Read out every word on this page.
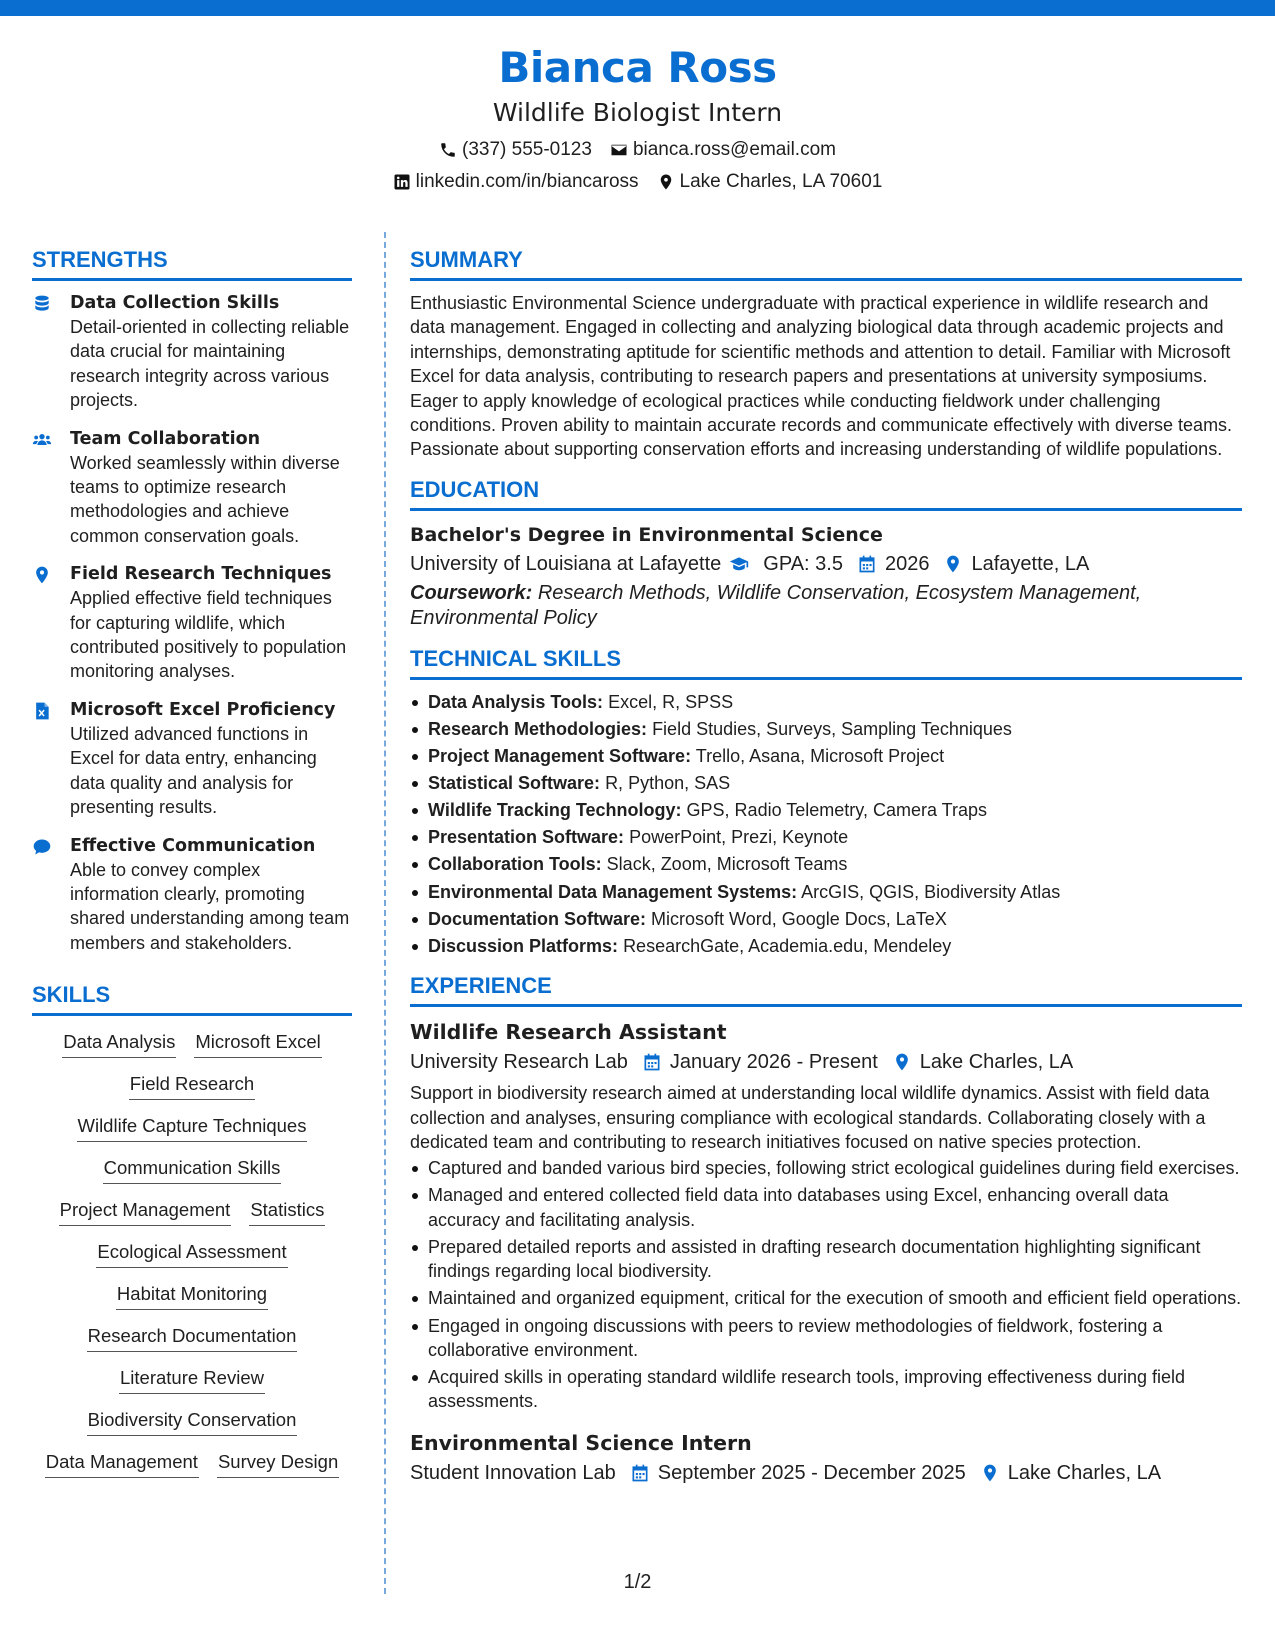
Bianca Ross
Wildlife Biologist Intern
(337) 555-0123 bianca.ross@email.com
linkedin.com/in/biancaross Lake Charles, LA 70601
STRENGTHS
Data Collection Skills
Detail-oriented in collecting reliable data crucial for maintaining research integrity across various projects.
Team Collaboration
Worked seamlessly within diverse teams to optimize research methodologies and achieve common conservation goals.
Field Research Techniques
Applied effective field techniques for capturing wildlife, which contributed positively to population monitoring analyses.
Microsoft Excel Proficiency
Utilized advanced functions in Excel for data entry, enhancing data quality and analysis for presenting results.
Effective Communication
Able to convey complex information clearly, promoting shared understanding among team members and stakeholders.
SKILLS
Data Analysis Microsoft Excel
Field Research
Wildlife Capture Techniques
Communication Skills
Project Management Statistics
Ecological Assessment
Habitat Monitoring
Research Documentation
Literature Review
Biodiversity Conservation
Data Management Survey Design
SUMMARY
Enthusiastic Environmental Science undergraduate with practical experience in wildlife research and data management. Engaged in collecting and analyzing biological data through academic projects and internships, demonstrating aptitude for scientific methods and attention to detail. Familiar with Microsoft Excel for data analysis, contributing to research papers and presentations at university symposiums. Eager to apply knowledge of ecological practices while conducting fieldwork under challenging conditions. Proven ability to maintain accurate records and communicate effectively with diverse teams. Passionate about supporting conservation efforts and increasing understanding of wildlife populations.
EDUCATION
Bachelor's Degree in Environmental Science
University of Louisiana at Lafayette GPA: 3.5 2026 Lafayette, LA
Coursework: Research Methods, Wildlife Conservation, Ecosystem Management, Environmental Policy
TECHNICAL SKILLS
Data Analysis Tools: Excel, R, SPSS
Research Methodologies: Field Studies, Surveys, Sampling Techniques
Project Management Software: Trello, Asana, Microsoft Project
Statistical Software: R, Python, SAS
Wildlife Tracking Technology: GPS, Radio Telemetry, Camera Traps
Presentation Software: PowerPoint, Prezi, Keynote
Collaboration Tools: Slack, Zoom, Microsoft Teams
Environmental Data Management Systems: ArcGIS, QGIS, Biodiversity Atlas
Documentation Software: Microsoft Word, Google Docs, LaTeX
Discussion Platforms: ResearchGate, Academia.edu, Mendeley
EXPERIENCE
Wildlife Research Assistant
University Research Lab January 2026 - Present Lake Charles, LA
Support in biodiversity research aimed at understanding local wildlife dynamics. Assist with field data collection and analyses, ensuring compliance with ecological standards. Collaborating closely with a dedicated team and contributing to research initiatives focused on native species protection.
Captured and banded various bird species, following strict ecological guidelines during field exercises.
Managed and entered collected field data into databases using Excel, enhancing overall data accuracy and facilitating analysis.
Prepared detailed reports and assisted in drafting research documentation highlighting significant findings regarding local biodiversity.
Maintained and organized equipment, critical for the execution of smooth and efficient field operations.
Engaged in ongoing discussions with peers to review methodologies of fieldwork, fostering a collaborative environment.
Acquired skills in operating standard wildlife research tools, improving effectiveness during field assessments.
Environmental Science Intern
Student Innovation Lab September 2025 - December 2025 Lake Charles, LA
1/2
